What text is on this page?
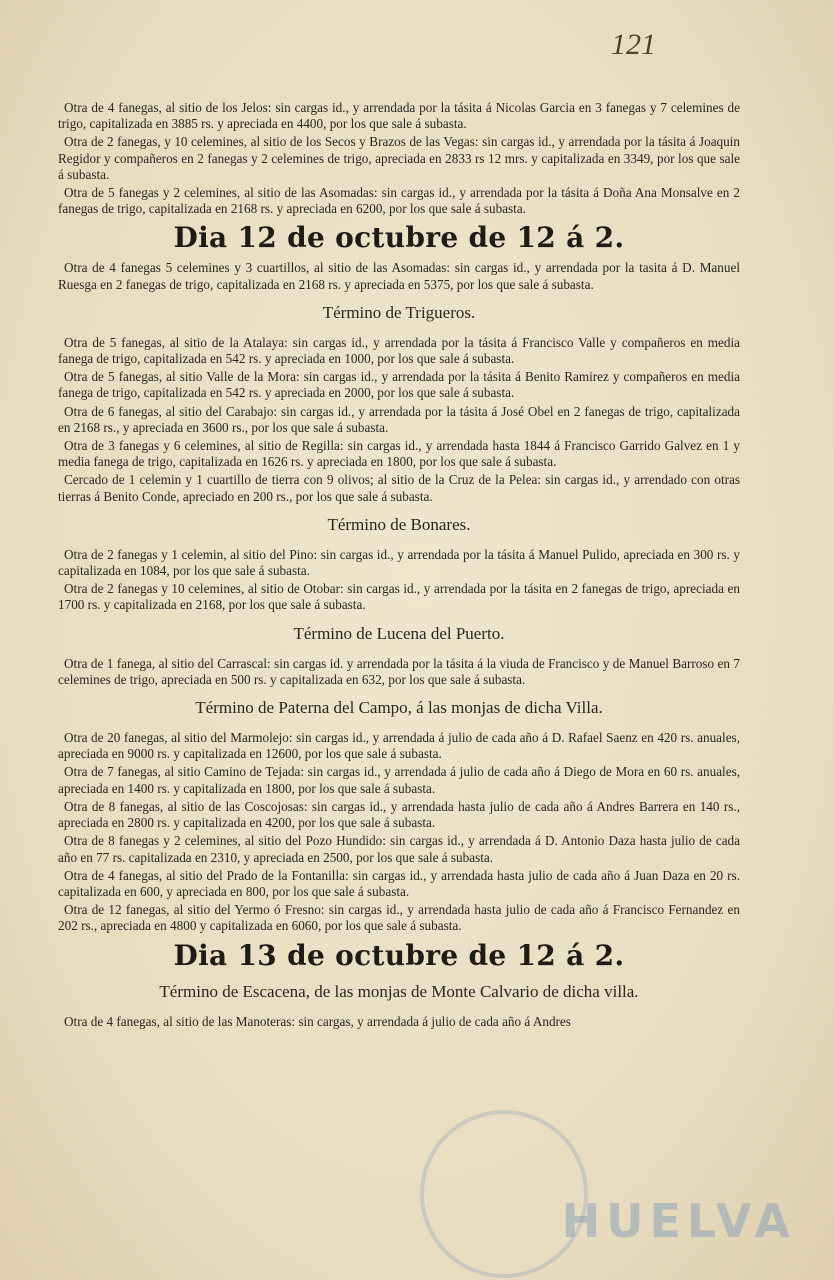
121
Otra de 4 fanegas, al sitio de los Jelos: sin cargas id., y arrendada por la tásita á Nicolas Garcia en 3 fanegas y 7 celemines de trigo, capitalizada en 3885 rs. y apreciada en 4400, por los que sale á subasta.
Otra de 2 fanegas, y 10 celemines, al sitio de los Secos y Brazos de las Vegas: sin cargas id., y arrendada por la tásita á Joaquin Regidor y compañeros en 2 fanegas y 2 celemines de trigo, apreciada en 2833 rs 12 mrs. y capitalizada en 3349, por los que sale á subasta.
Otra de 5 fanegas y 2 celemines, al sitio de las Asomadas: sin cargas id., y arrendada por la tásita á Doña Ana Monsalve en 2 fanegas de trigo, capitalizada en 2168 rs. y apreciada en 6200, por los que sale á subasta.
Dia 12 de octubre de 12 á 2.
Otra de 4 fanegas 5 celemines y 3 cuartillos, al sitio de las Asomadas: sin cargas id., y arrendada por la tasita á D. Manuel Ruesga en 2 fanegas de trigo, capitalizada en 2168 rs. y apreciada en 5375, por los que sale á subasta.
Término de Trigueros.
Otra de 5 fanegas, al sitio de la Atalaya: sin cargas id., y arrendada por la tásita á Francisco Valle y compañeros en media fanega de trigo, capitalizada en 542 rs. y apreciada en 1000, por los que sale á subasta.
Otra de 5 fanegas, al sitio Valle de la Mora: sin cargas id., y arrendada por la tásita á Benito Ramirez y compañeros en media fanega de trigo, capitalizada en 542 rs. y apreciada en 2000, por los que sale á subasta.
Otra de 6 fanegas, al sitio del Carabajo: sin cargas id., y arrendada por la tásita á José Obel en 2 fanegas de trigo, capitalizada en 2168 rs., y apreciada en 3600 rs., por los que sale á subasta.
Otra de 3 fanegas y 6 celemines, al sitio de Regilla: sin cargas id., y arrendada hasta 1844 á Francisco Garrido Galvez en 1 y media fanega de trigo, capitalizada en 1626 rs. y apreciada en 1800, por los que sale á subasta.
Cercado de 1 celemin y 1 cuartillo de tierra con 9 olivos; al sitio de la Cruz de la Pelea: sin cargas id., y arrendado con otras tierras á Benito Conde, apreciado en 200 rs., por los que sale á subasta.
Término de Bonares.
Otra de 2 fanegas y 1 celemin, al sitio del Pino: sin cargas id., y arrendada por la tásita á Manuel Pulido, apreciada en 300 rs. y capitalizada en 1084, por los que sale á subasta.
Otra de 2 fanegas y 10 celemines, al sitio de Otobar: sin cargas id., y arrendada por la tásita en 2 fanegas de trigo, apreciada en 1700 rs. y capitalizada en 2168, por los que sale á subasta.
Término de Lucena del Puerto.
Otra de 1 fanega, al sitio del Carrascal: sin cargas id. y arrendada por la tásita á la viuda de Francisco y de Manuel Barroso en 7 celemines de trigo, apreciada en 500 rs. y capitalizada en 632, por los que sale á subasta.
Término de Paterna del Campo, á las monjas de dicha Villa.
Otra de 20 fanegas, al sitio del Marmolejo: sin cargas id., y arrendada á julio de cada año á D. Rafael Saenz en 420 rs. anuales, apreciada en 9000 rs. y capitalizada en 12600, por los que sale á subasta.
Otra de 7 fanegas, al sitio Camino de Tejada: sin cargas id., y arrendada á julio de cada año á Diego de Mora en 60 rs. anuales, apreciada en 1400 rs. y capitalizada en 1800, por los que sale á subasta.
Otra de 8 fanegas, al sitio de las Coscojosas: sin cargas id., y arrendada hasta julio de cada año á Andres Barrera en 140 rs., apreciada en 2800 rs. y capitalizada en 4200, por los que sale á subasta.
Otra de 8 fanegas y 2 celemines, al sitio del Pozo Hundido: sin cargas id., y arrendada á D. Antonio Daza hasta julio de cada año en 77 rs. capitalizada en 2310, y apreciada en 2500, por los que sale á subasta.
Otra de 4 fanegas, al sitio del Prado de la Fontanilla: sin cargas id., y arrendada hasta julio de cada año á Juan Daza en 20 rs. capitalizada en 600, y apreciada en 800, por los que sale á subasta.
Otra de 12 fanegas, al sitio del Yermo ó Fresno: sin cargas id., y arrendada hasta julio de cada año á Francisco Fernandez en 202 rs., apreciada en 4800 y capitalizada en 6060, por los que sale á subasta.
Dia 13 de octubre de 12 á 2.
Término de Escacena, de las monjas de Monte Calvario de dicha villa.
Otra de 4 fanegas, al sitio de las Manoteras: sin cargas, y arrendada á julio de cada año á Andres
HUELVA
